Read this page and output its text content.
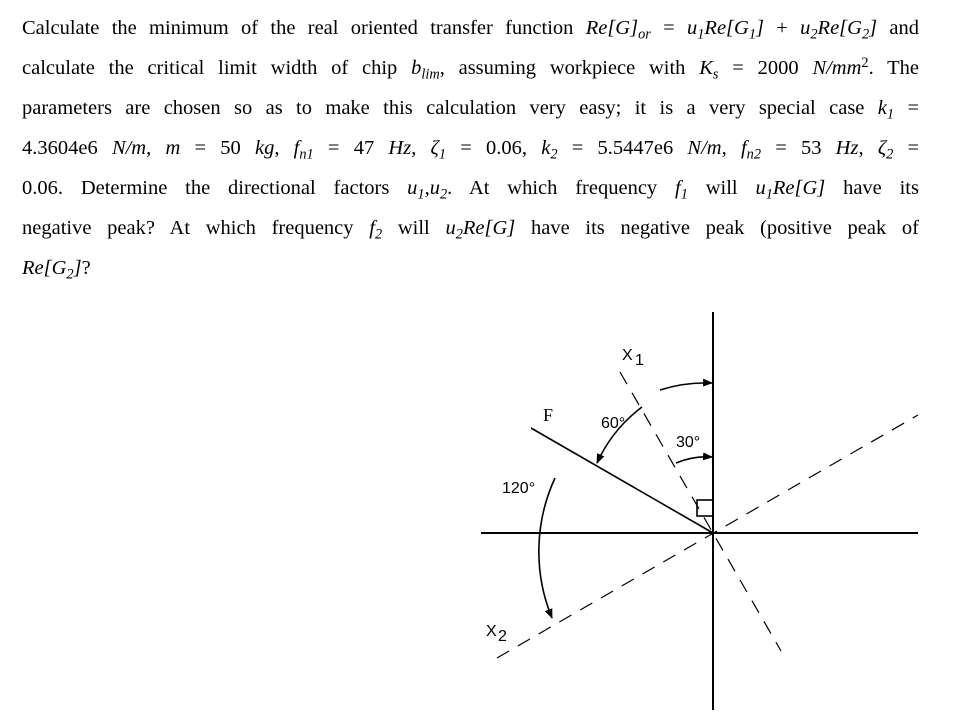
Calculate the minimum of the real oriented transfer function $Re[G]_{or} = u_1Re[G_1] + u_2Re[G_2]$ and
calculate the critical limit width of chip $b_{lim}$, assuming workpiece with $K_s = 2000$ $N/mm^2$. The
parameters are chosen so as to make this calculation very easy; it is a very special case $k_1$ =
4.3604e6 N/m, m = 50 kg, $f_{n1} = 47$ Hz, $\zeta_1 = 0.06$, $k_2 = 5.5447e6$ N/m, $f_{n2} = 53$ Hz, $\zeta_2$ =
0.06. Determine the directional factors $u_1,u_2$. At which frequency $f_1$ will $u_1Re[G]$ have its
negative peak? At which frequency $f_2$ will $u_2Re[G]$ have its negative peak (positive peak of
$Re[G_2]$?
X 1
X 2
F	60°
30°
120°
